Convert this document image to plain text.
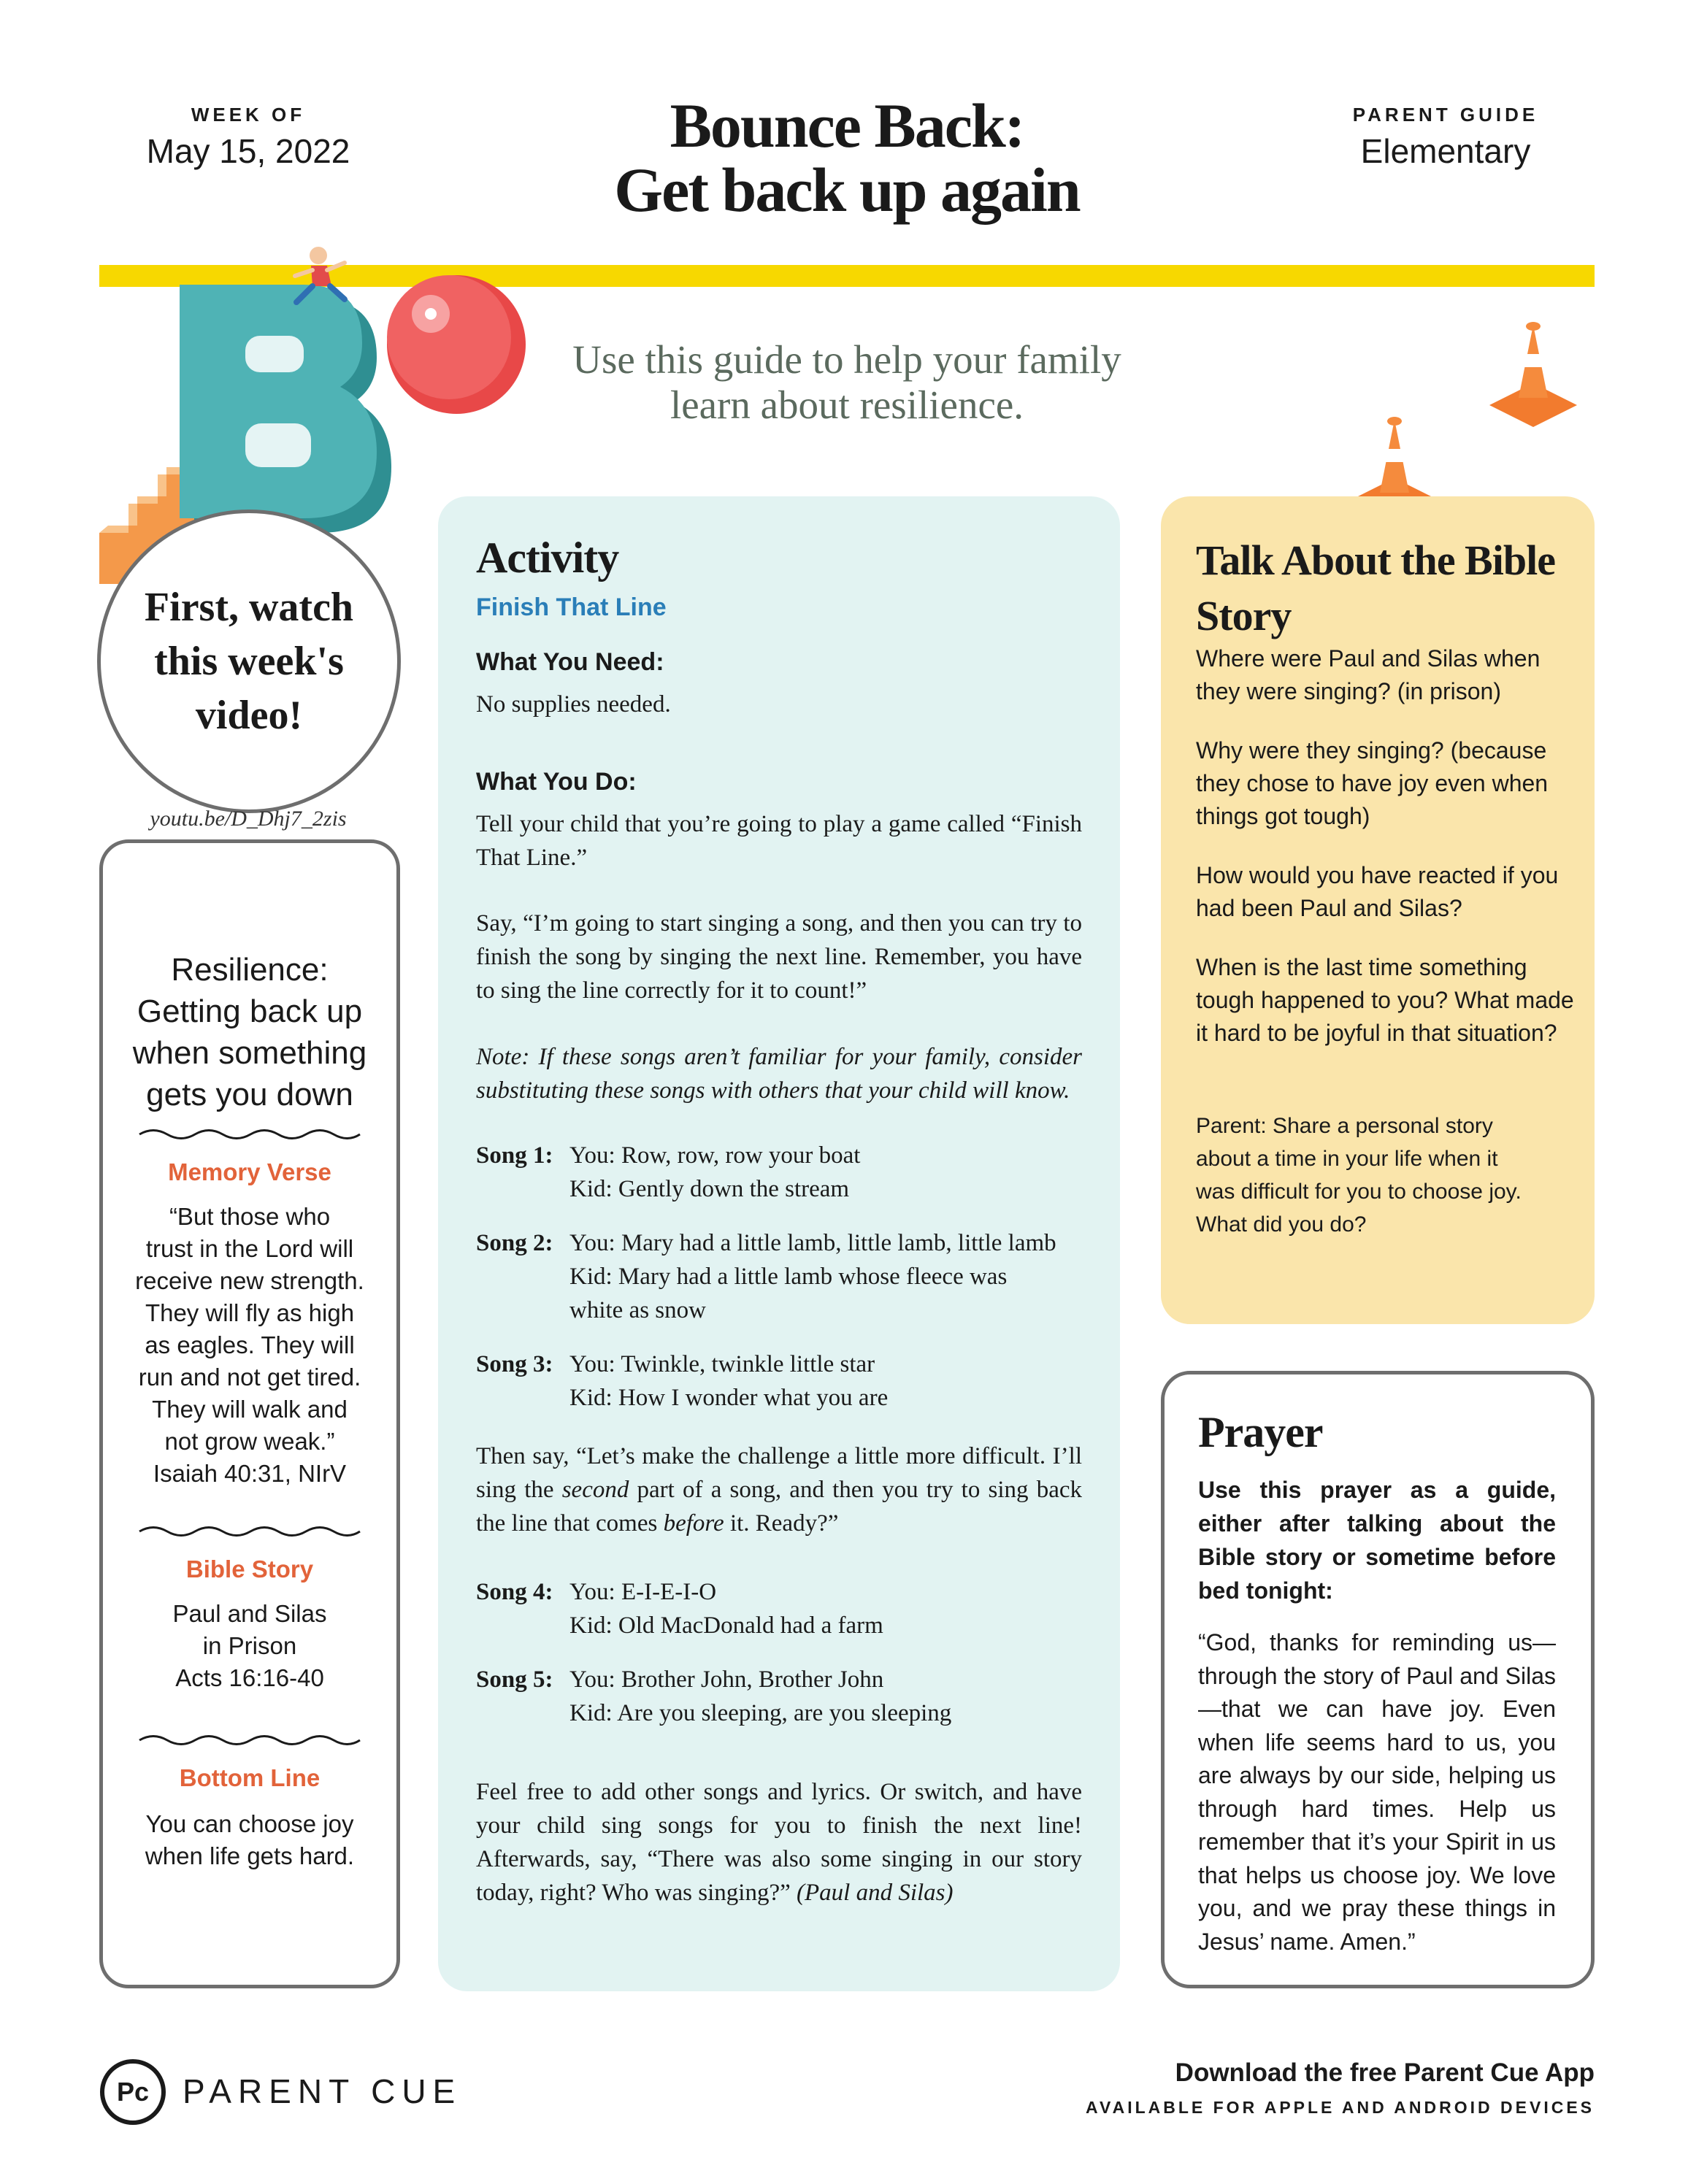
WEEK OF
May 15, 2022	Bounce Back:
Get back up again
PARENT GUIDE
Elementary
Use this guide to help your family
learn about resilience.
Resilience:
Getting back up
when something
gets you down
Memory Verse
“But those who
trust in the Lord will
receive new strength.
They will fly as high
as eagles. They will
run and not get tired.
They will walk and
not grow weak.”
Isaiah 40:31, NIrV
Bible Story
Paul and Silas
in Prison
Acts 16:16-40
Bottom Line
You can choose joy
when life gets hard.
First, watch
this week's
video!
youtu.be/D_Dhj7_2zis
Activity
Finish That Line
What You Need:
No supplies needed.
What You Do:
Tell your child that you’re going to play a game called “Finish That Line.”
Say, “I’m going to start singing a song, and then you can try to finish the song by singing the next line. Remember, you have to sing the line correctly for it to count!”
Note: If these songs aren’t familiar for your family, consider substituting these songs with others that your child will know.
Song 1: You: Row, row, row your boat
Kid: Gently down the stream
Song 2: You: Mary had a little lamb, little lamb, little lamb
Kid: Mary had a little lamb whose fleece was
white as snow
Song 3: You: Twinkle, twinkle little star
Kid: How I wonder what you are
Then say, “Let’s make the challenge a little more difficult. I’ll sing the second part of a song, and then you try to sing back the line that comes before it. Ready?”
Song 4: You: E-I-E-I-O
Kid: Old MacDonald had a farm
Song 5: You: Brother John, Brother John
Kid: Are you sleeping, are you sleeping
Feel free to add other songs and lyrics. Or switch, and have your child sing songs for you to finish the next line! Afterwards, say, “There was also some singing in our story today, right? Who was singing?” (Paul and Silas)
Talk About the Bible Story
Where were Paul and Silas when they were singing? (in prison)
Why were they singing? (because they chose to have joy even when things got tough)
How would you have reacted if you had been Paul and Silas?
When is the last time something tough happened to you? What made it hard to be joyful in that situation?
Parent: Share a personal story about a time in your life when it was difficult for you to choose joy. What did you do?
Prayer
Use this prayer as a guide, either after talking about the Bible story or sometime before bed tonight:
“God, thanks for reminding us—through the story of Paul and Silas—that we can have joy. Even when life seems hard to us, you are always by our side, helping us through hard times. Help us remember that it’s your Spirit in us that helps us choose joy. We love you, and we pray these things in Jesus’ name. Amen.”
Pc PARENT CUE	Download the free Parent Cue App
AVAILABLE FOR APPLE AND ANDROID DEVICES
